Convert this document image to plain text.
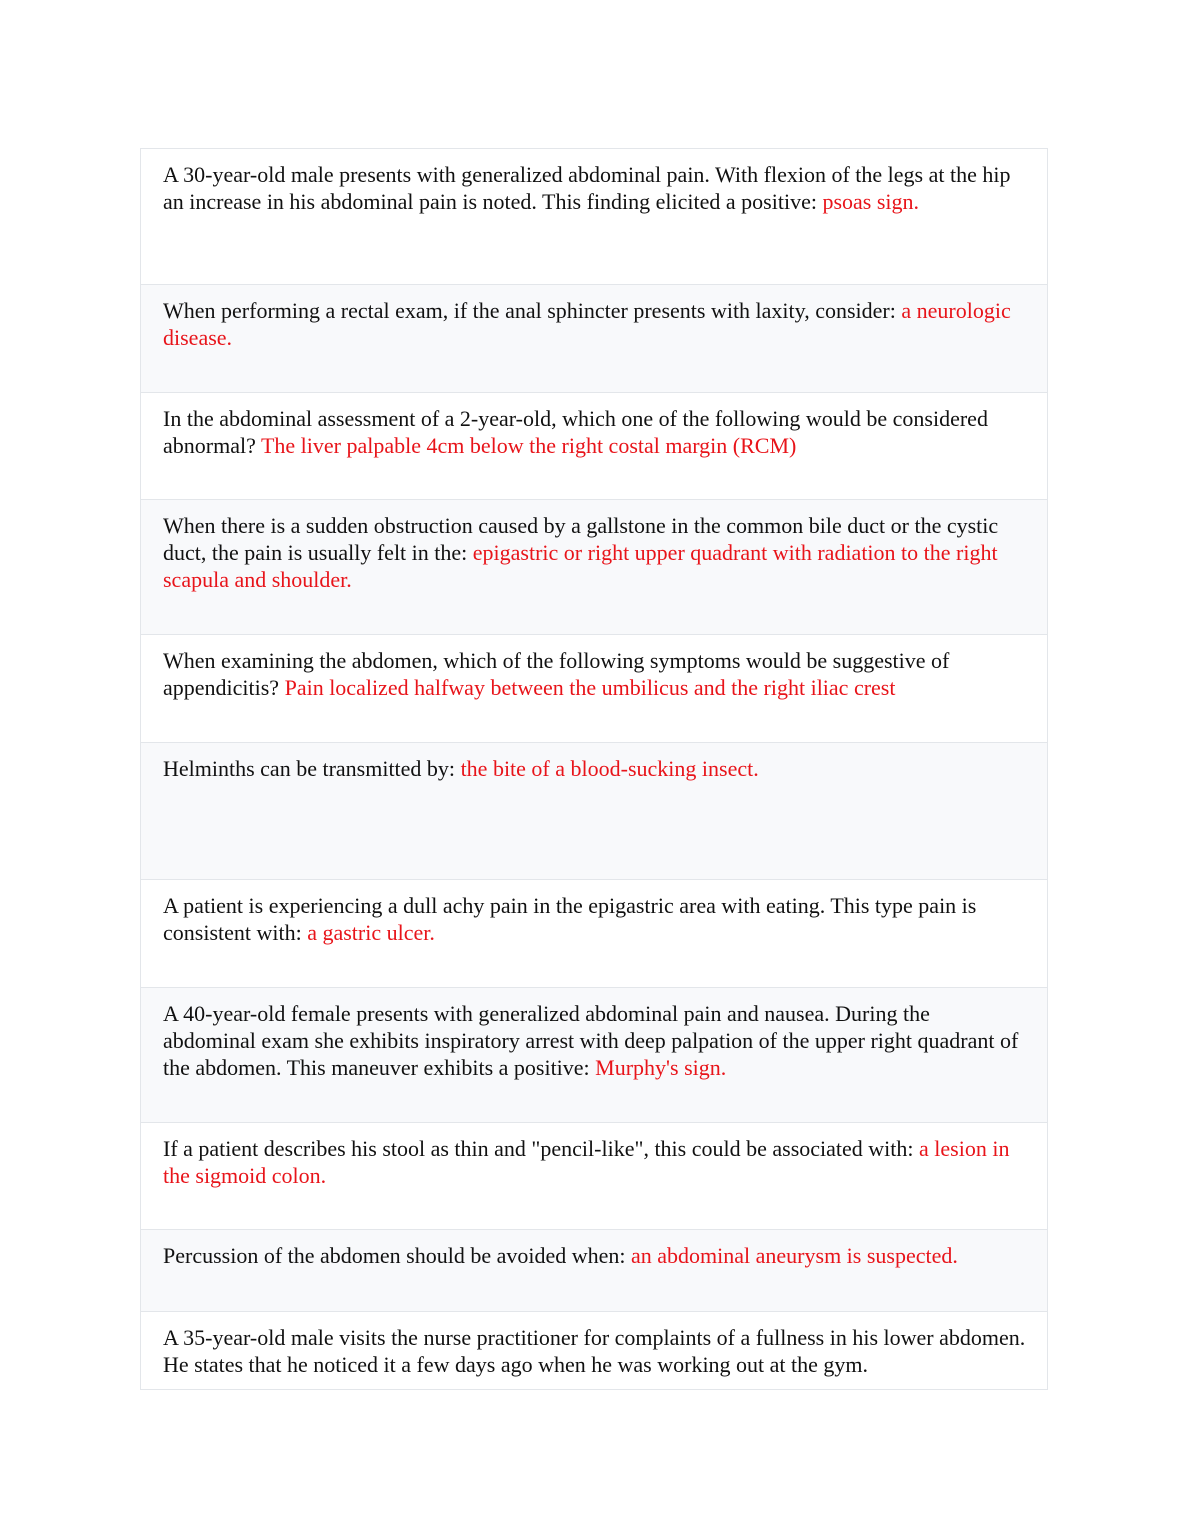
A 30-year-old male presents with generalized abdominal pain. With flexion of the legs at the hip an increase in his abdominal pain is noted. This finding elicited a positive: psoas sign.
When performing a rectal exam, if the anal sphincter presents with laxity, consider: a neurologic disease.
In the abdominal assessment of a 2-year-old, which one of the following would be considered abnormal? The liver palpable 4cm below the right costal margin (RCM)
When there is a sudden obstruction caused by a gallstone in the common bile duct or the cystic duct, the pain is usually felt in the: epigastric or right upper quadrant with radiation to the right scapula and shoulder.
When examining the abdomen, which of the following symptoms would be suggestive of appendicitis? Pain localized halfway between the umbilicus and the right iliac crest
Helminths can be transmitted by: the bite of a blood-sucking insect.
A patient is experiencing a dull achy pain in the epigastric area with eating. This type pain is consistent with: a gastric ulcer.
A 40-year-old female presents with generalized abdominal pain and nausea. During the abdominal exam she exhibits inspiratory arrest with deep palpation of the upper right quadrant of the abdomen. This maneuver exhibits a positive: Murphy's sign.
If a patient describes his stool as thin and "pencil-like", this could be associated with: a lesion in the sigmoid colon.
Percussion of the abdomen should be avoided when: an abdominal aneurysm is suspected.
A 35-year-old male visits the nurse practitioner for complaints of a fullness in his lower abdomen. He states that he noticed it a few days ago when he was working out at the gym.
